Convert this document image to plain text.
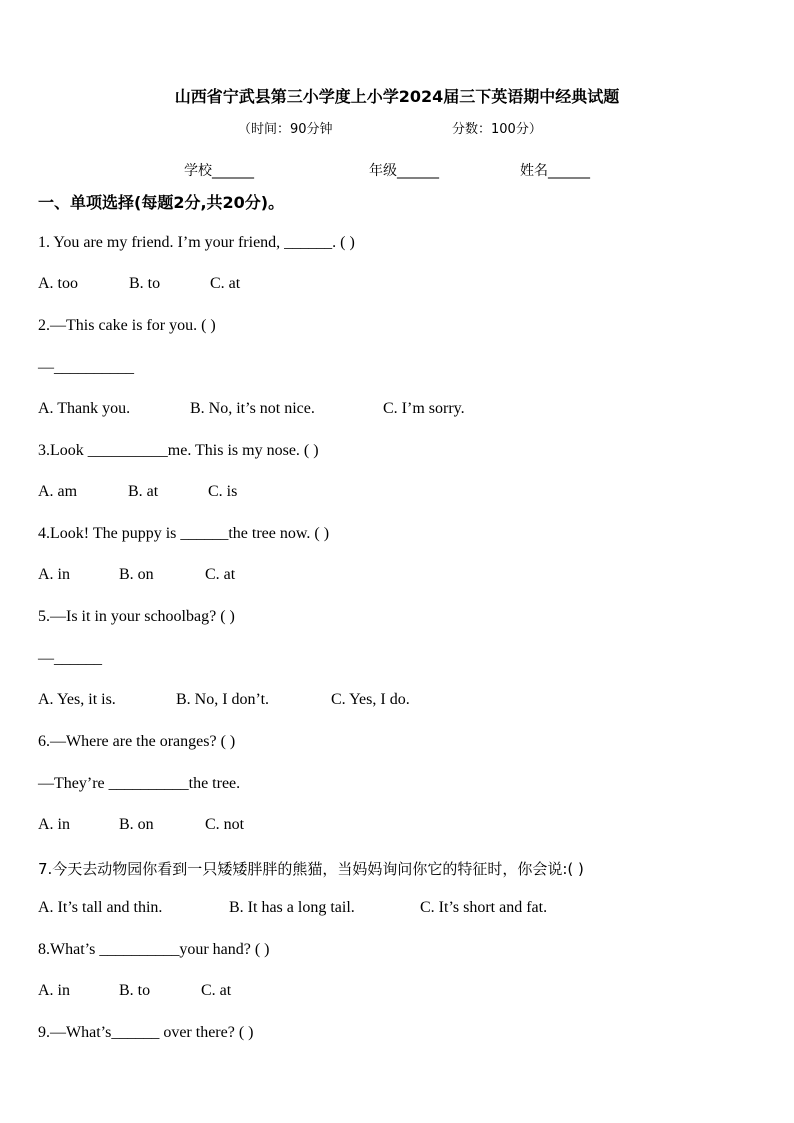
山西省宁武县第三小学度上小学2024届三下英语期中经典试题
（时间：90分钟	分数：100分）
学校______	年级______	姓名______
一、单项选择(每题2分,共20分)。
1. You are my friend. I’m your friend, ______. ( )
A. too	B. to	C. at
2.—This cake is for you. ( )
—__________
A. Thank you.	B. No, it’s not nice.	C. I’m sorry.
3.Look __________me. This is my nose. ( )
A. am	B. at	C. is
4.Look! The puppy is ______the tree now. ( )
A. in	B. on	C. at
5.—Is it in your schoolbag? ( )
—______
A. Yes, it is.	B. No, I don’t.	C. Yes, I do.
6.—Where are the oranges? ( )
—They’re __________the tree.
A. in	B. on	C. not
7.今天去动物园你看到一只矮矮胖胖的熊猫，当妈妈询问你它的特征时，你会说:( )
A. It’s tall and thin.	B. It has a long tail.	C. It’s short and fat.
8.What’s __________your hand? ( )
A. in	B. to	C. at
9.—What’s______ over there? ( )
